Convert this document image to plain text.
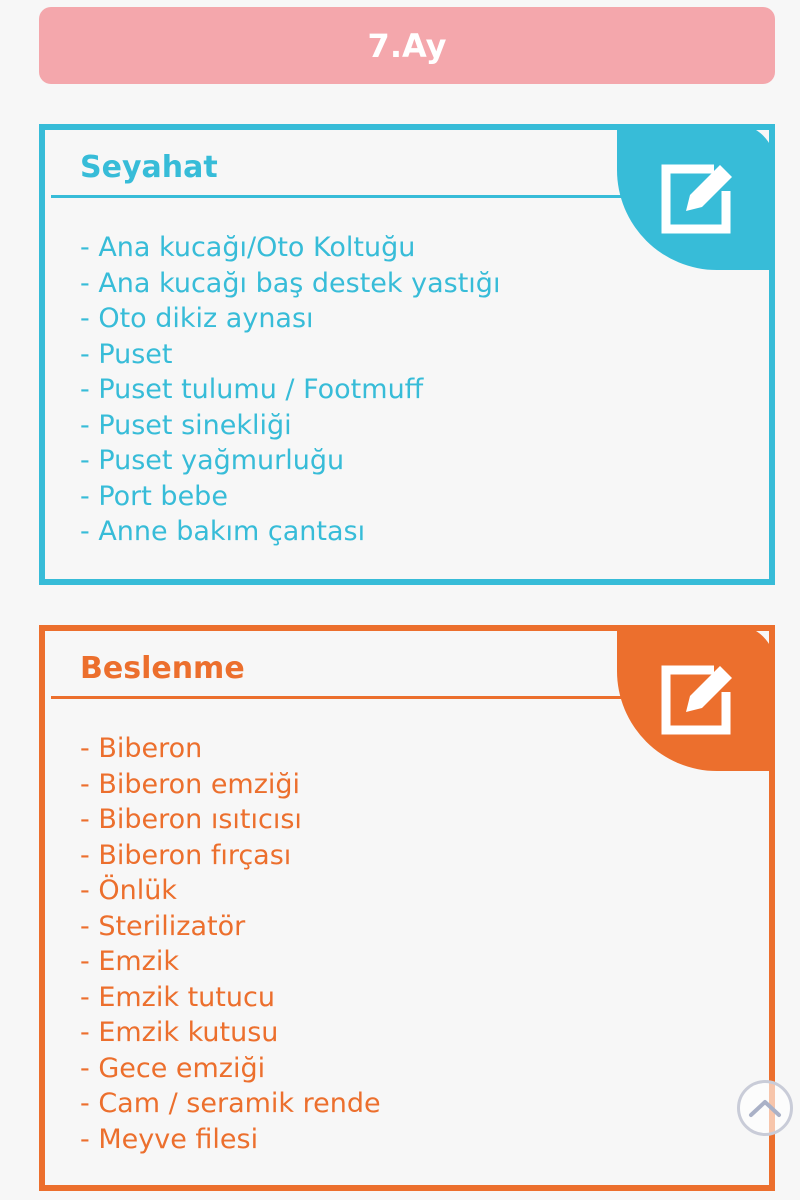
7.Ay
Seyahat
- Ana kucağı/Oto Koltuğu
- Ana kucağı baş destek yastığı
- Oto dikiz aynası
- Puset
- Puset tulumu / Footmuff
- Puset sinekliği
- Puset yağmurluğu
- Port bebe
- Anne bakım çantası
Beslenme
- Biberon
- Biberon emziği
- Biberon ısıtıcısı
- Biberon fırçası
- Önlük
- Sterilizatör
- Emzik
- Emzik tutucu
- Emzik kutusu
- Gece emziği
- Cam / seramik rende
- Meyve filesi
